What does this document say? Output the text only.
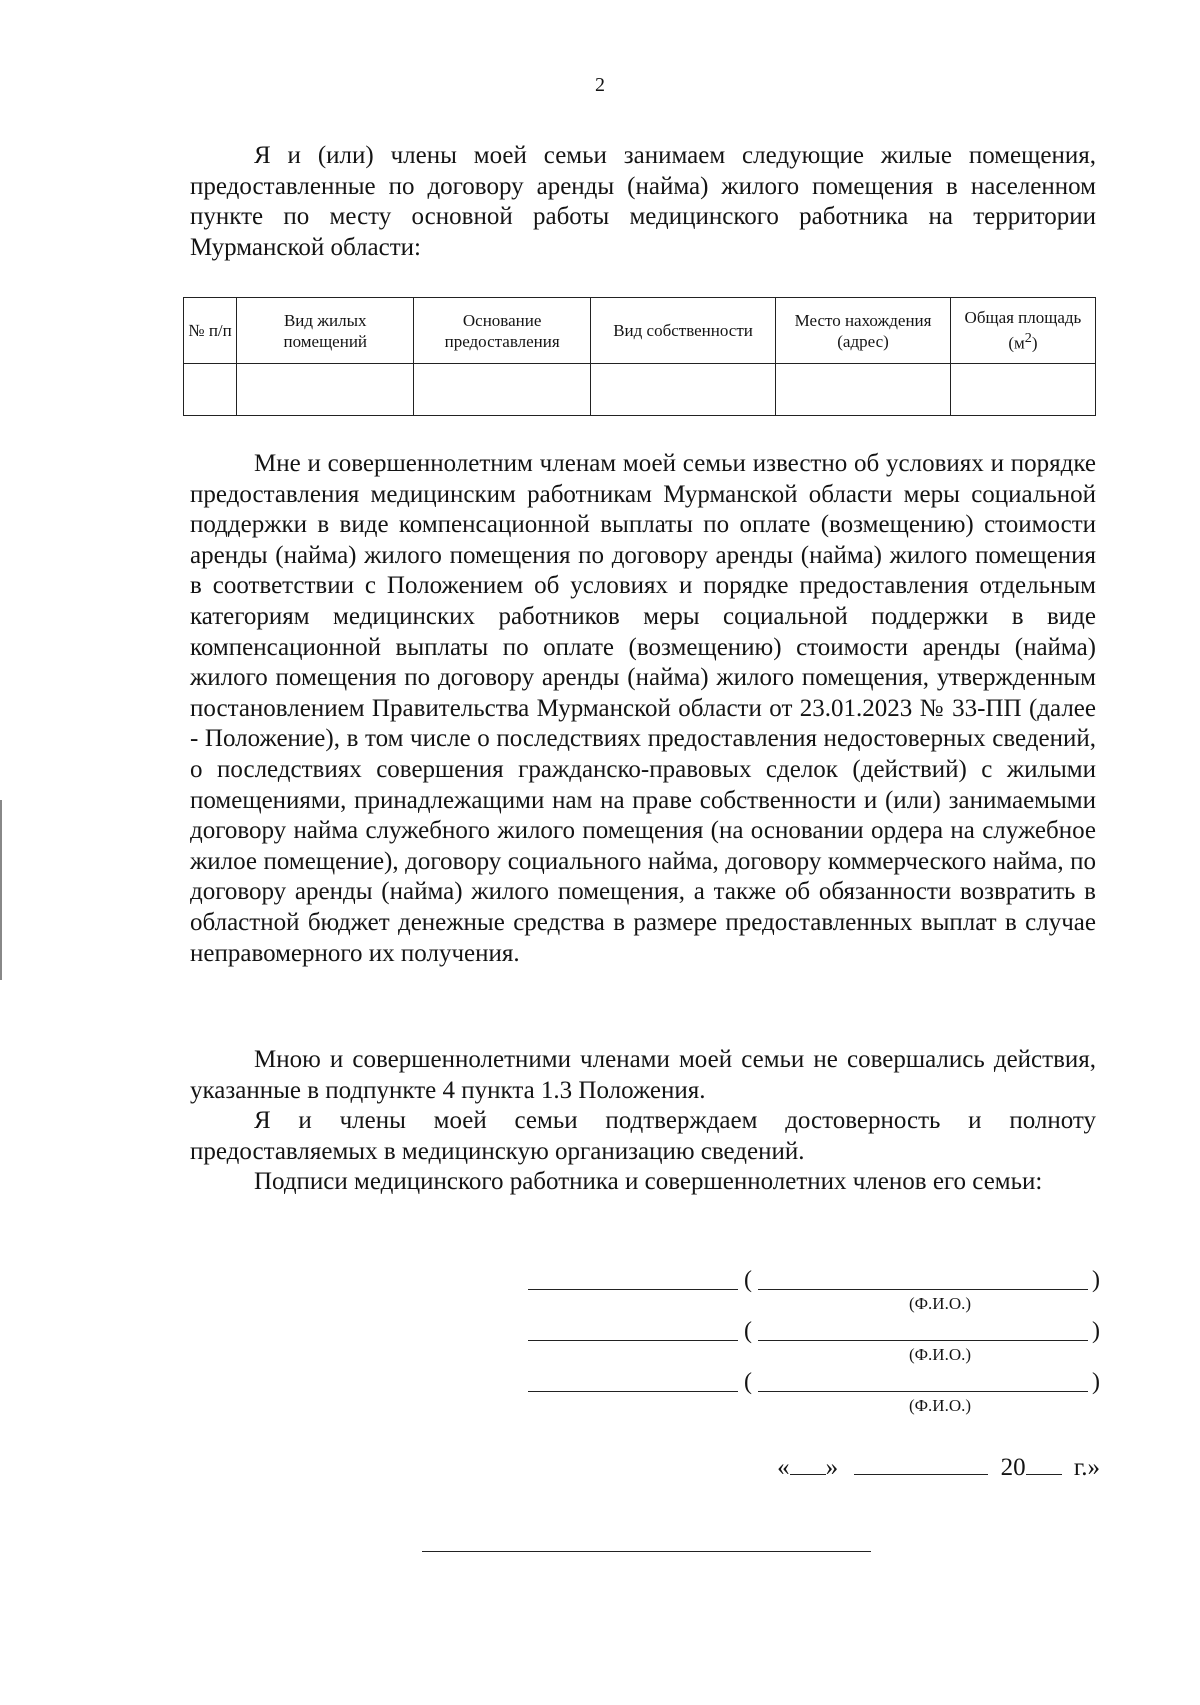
2

Я и (или) члены моей семьи занимаем следующие жилые помещения, предоставленные по договору аренды (найма) жилого помещения в населенном пункте по месту основной работы медицинского работника на территории Мурманской области:

№ п/п	Вид жилых помещений	Основание предоставления	Вид собственности	Место нахождения (адрес)	Общая площадь $(м^2)$

Мне и совершеннолетним членам моей семьи известно об условиях и порядке предоставления медицинским работникам Мурманской области меры социальной поддержки в виде компенсационной выплаты по оплате (возмещению) стоимости аренды (найма) жилого помещения по договору аренды (найма) жилого помещения в соответствии с Положением об условиях и порядке предоставления отдельным категориям медицинских работников меры социальной поддержки в виде компенсационной выплаты по оплате (возмещению) стоимости аренды (найма) жилого помещения по договору аренды (найма) жилого помещения, утвержденным постановлением Правительства Мурманской области от 23.01.2023 № 33-ПП (далее - Положение), в том числе о последствиях предоставления недостоверных сведений, о последствиях совершения гражданско-правовых сделок (действий) с жилыми помещениями, принадлежащими нам на праве собственности и (или) занимаемыми договору найма служебного жилого помещения (на основании ордера на служебное жилое помещение), договору социального найма, договору коммерческого найма, по договору аренды (найма) жилого помещения, а также об обязанности возвратить в областной бюджет денежные средства в размере предоставленных выплат в случае неправомерного их получения.

Мною и совершеннолетними членами моей семьи не совершались действия, указанные в подпункте 4 пункта 1.3 Положения.

Я и члены моей семьи подтверждаем достоверность и полноту предоставляемых в медицинскую организацию сведений.

Подписи медицинского работника и совершеннолетних членов его семьи:

(	)
(Ф.И.О.)
(	)
(Ф.И.О.)
(	)
(Ф.И.О.)
« »	20 г.»
